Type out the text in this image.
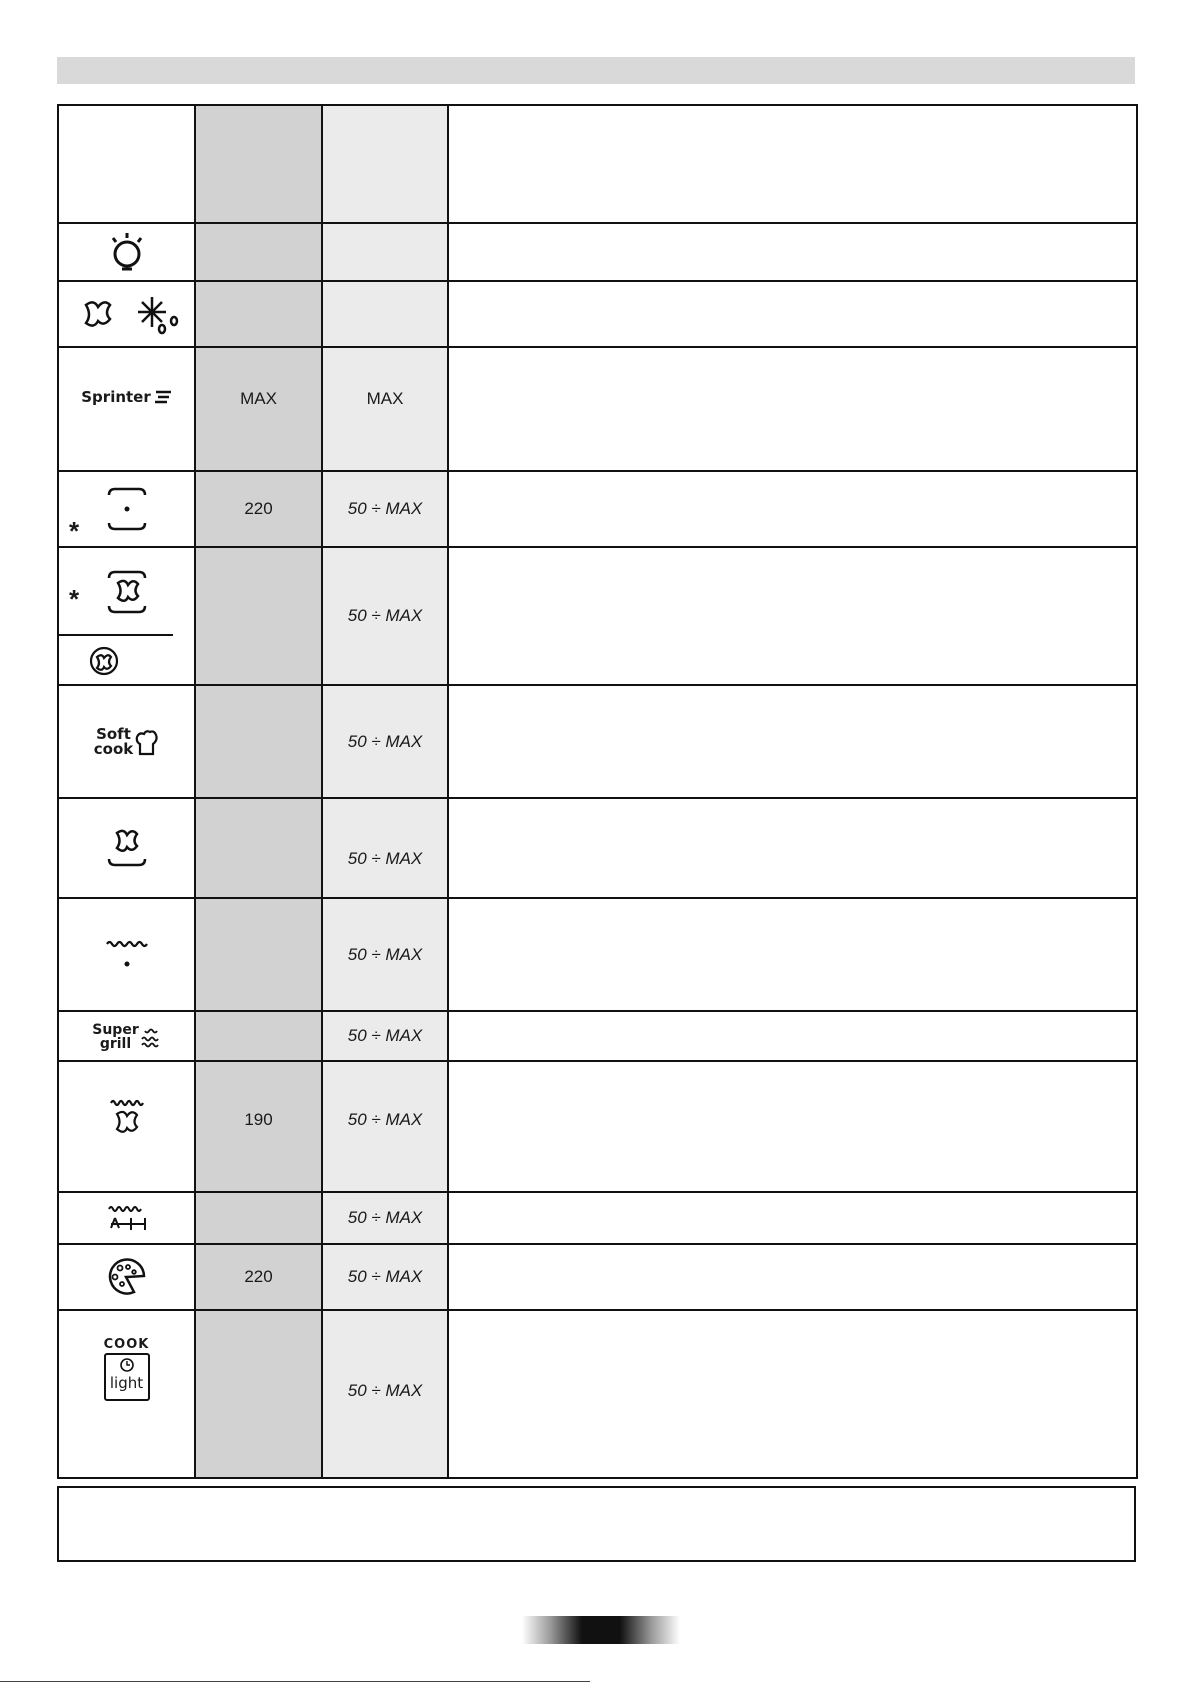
Sprinter	MAX	MAX	

*	220	50 ÷ MAX	

*		50 ÷ MAX	

Soft
cook		50 ÷ MAX	

		50 ÷ MAX	

		50 ÷ MAX	

Super
grill		50 ÷ MAX	

	190	50 ÷ MAX	

		50 ÷ MAX	

	220	50 ÷ MAX	

COOK
light		50 ÷ MAX	
